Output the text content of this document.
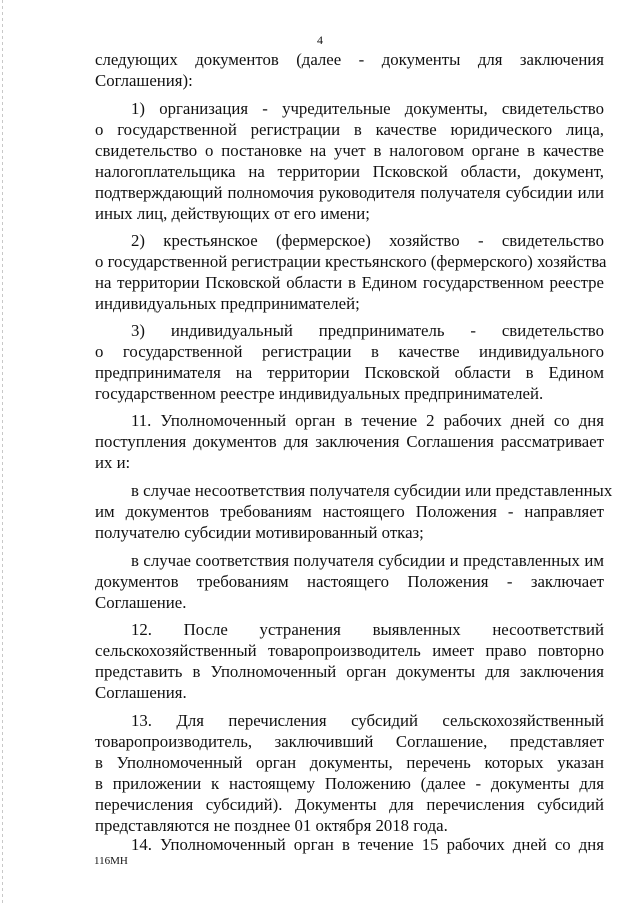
4
следующих документов (далее - документы для заключения
Соглашения):
1) организация - учредительные документы, свидетельство
о государственной регистрации в качестве юридического лица,
свидетельство о постановке на учет в налоговом органе в качестве
налогоплательщика на территории Псковской области, документ,
подтверждающий полномочия руководителя получателя субсидии или
иных лиц, действующих от его имени;
2) крестьянское (фермерское) хозяйство - свидетельство
о государственной регистрации крестьянского (фермерского) хозяйства
на территории Псковской области в Едином государственном реестре
индивидуальных предпринимателей;
3) индивидуальный предприниматель - свидетельство
о государственной регистрации в качестве индивидуального
предпринимателя на территории Псковской области в Едином
государственном реестре индивидуальных предпринимателей.
11. Уполномоченный орган в течение 2 рабочих дней со дня
поступления документов для заключения Соглашения рассматривает
их и:
в случае несоответствия получателя субсидии или представленных
им документов требованиям настоящего Положения - направляет
получателю субсидии мотивированный отказ;
в случае соответствия получателя субсидии и представленных им
документов требованиям настоящего Положения - заключает
Соглашение.
12. После устранения выявленных несоответствий
сельскохозяйственный товаропроизводитель имеет право повторно
представить в Уполномоченный орган документы для заключения
Соглашения.
13. Для перечисления субсидий сельскохозяйственный
товаропроизводитель, заключивший Соглашение, представляет
в Уполномоченный орган документы, перечень которых указан
в приложении к настоящему Положению (далее - документы для
перечисления субсидий). Документы для перечисления субсидий
представляются не позднее 01 октября 2018 года.
14. Уполномоченный орган в течение 15 рабочих дней со дня
116МН
